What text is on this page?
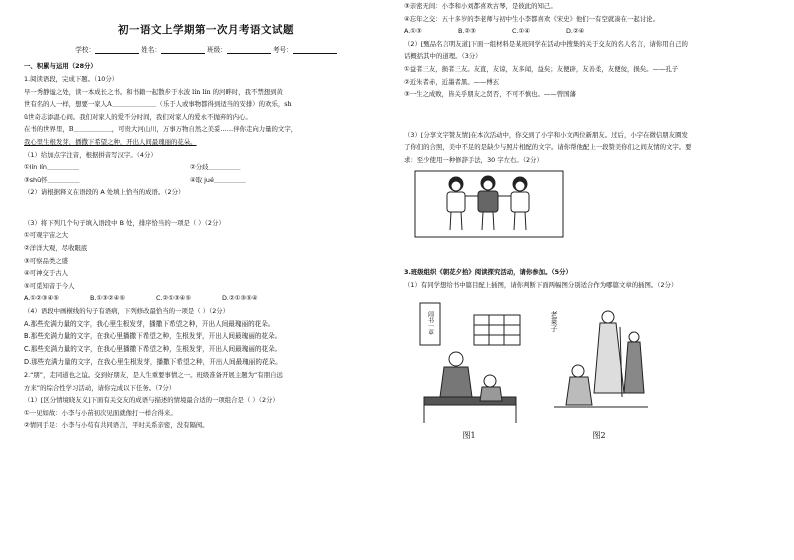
初一语文上学期第一次月考语文试题
学校：	姓名：	班级：	考号：
一、积累与运用（28分）
1.阅读语段，完成下题。（10分）
早一秀静谧之处，读一本成长之书。和书籍一起散步于水波 lín lín 的河畔时，我不禁想到黄
世有名的人一样，想要一家人A＿＿＿＿＿＿＿（乐于人或事物都得到适当的安排）的欢乐，sh
ū世奇志添温心间。我们对家人的爱不分时间，我们对家人的爱永不抛弃的内心。
在书的世界里，B＿＿＿＿＿＿，可贵大河山川，万事万物自然之美妥……伴你走向力量的文字，
我心里生根发芽，播撒下希望之种，开出人间最瑰丽的花朵。
（1）给加点字注音，根据拼音写汉字。（4分）
①lín lín＿＿＿＿＿	②分歧＿＿＿＿＿
③shū怀＿＿＿＿＿	④取 jué＿＿＿＿＿
（2）请根据释义在语段的 A 处填上恰当的成语。（2分）
（3）将下列几个句子填入语段中 B 处，排序恰当的一项是（ ）（2分）
①可观宇宙之大
②洋洋大观，尽收眼底
③可察品类之盛
④可神交于古人
⑤可觅知音于今人
A.①②③④⑤	B.①③②④⑤	C.②①③④⑤	D.②①③⑤④
（4）语段中画横线的句子有语病，下列修改最恰当的一项是（ ）（2分）
A.那些充满力量的文字，我心里生根发芽，播撒下希望之种，开出人间最瑰丽的花朵。
B.那些充满力量的文字，在我心里播撒下希望之种，生根发芽，开出人间最瑰丽的花朵。
C.那些充满力量的文字，在我心里播撒下希望之种，生根发芽，开出人间最瑰丽的花朵。
D.那些充满力量的文字，在我心里生根发芽，播撒下希望之种，开出人间最瑰丽的花朵。
2.“朋”，走同道也之谊。交到好朋友，是人生重要事情之一。班级准备开展主题为“有朋自远
方来”的综合性学习活动，请你完成以下任务。（7分）
（1）[区分情境晓友义]下面有关交友的成语与描述的情境最合适的一项组合是（ ）（2分）
①一见如故：小李与小苗初次见面就像打一样合得来。
②情同手足：小李与小苟有共同语言，平时关系亲密，没有隔阂。
③亲密无间：小李和小刘都喜欢古琴，是彼此的知己。
④忘年之交：五十多岁的李老师与初中生小李都喜欢《宋史》他们一有空就凑在一起讨论。
A.①③	B.②③	C.①④	D.②④
（2）[甄品名言明友道]下面一组材料是某班同学在活动中搜集的关于交友的名人名言，请你用自己的
话概括其中的道理。（3分）
①益者三友，损者三友。友直，友谅，友多闻，益矣；友便辟，友善柔，友便佞，损矣。——孔子
②近朱者赤，近墨者黑。——傅玄
③一生之成败，皆关乎朋友之贤否，不可不慎也。——曾国藩
（3）[分享文字赞友情]在本次活动中，你交到了小宇和小文两位新朋友。过后，小宇在微信朋友圈发
了你们的合照，美中不足的是缺少与照片相配的文字。请你帮他配上一段赞美你们之间友情的文字。要
求：至少使用一种修辞手法，30 字左右。（2分）
3.班级组织《朝花夕拾》阅读探究活动，请你参加。（5分）
（1）有同学想给书中篇目配上插图，请你判断下面两幅图分别适合作为哪篇文章的插图。（2分）
闹书一章
图1
老莱子
图2
